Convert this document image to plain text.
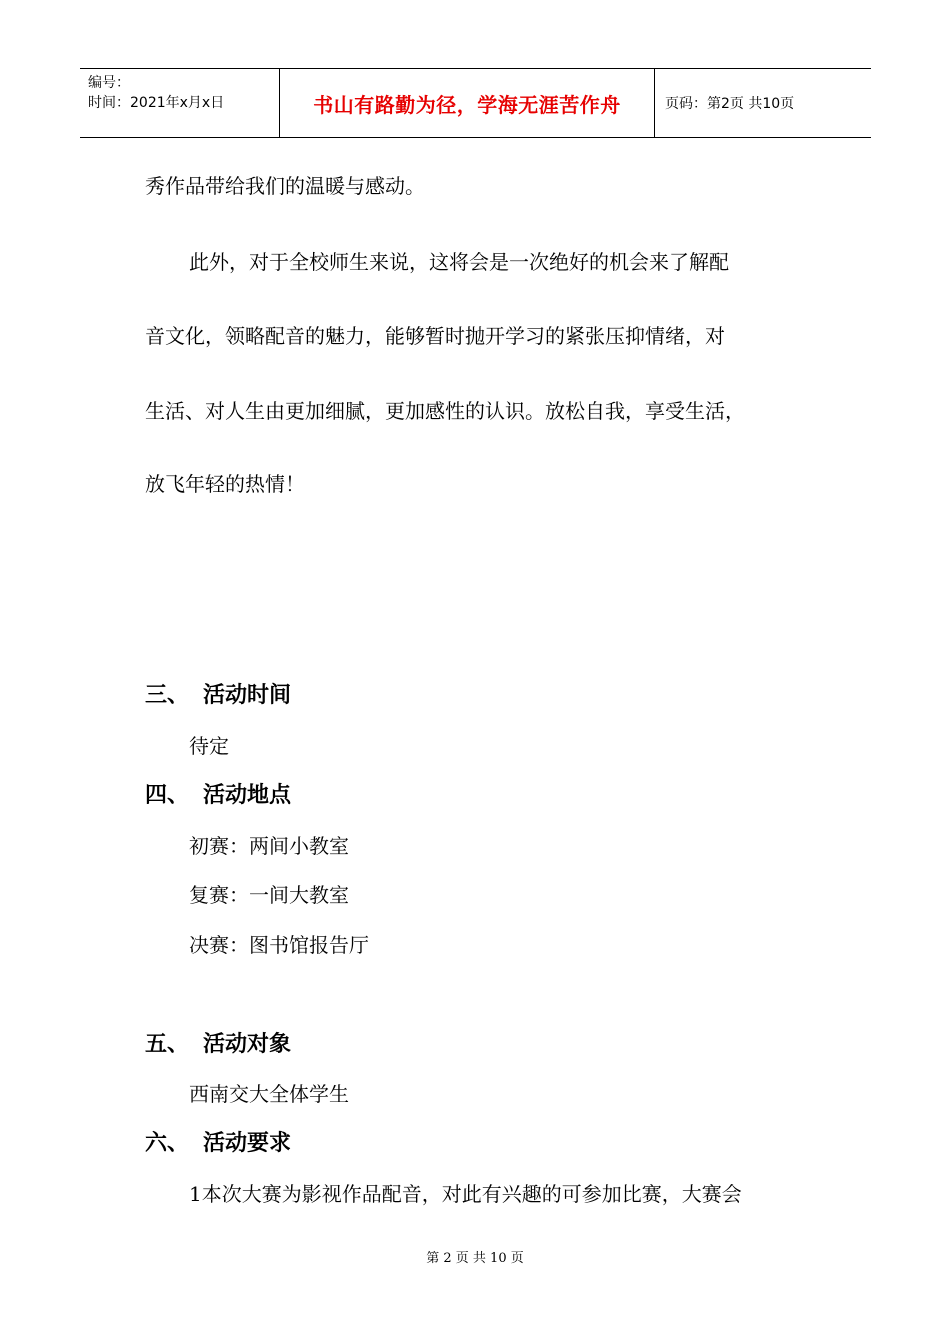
编号：
时间：2021年x月x日	书山有路勤为径，学海无涯苦作舟	页码：第2页 共10页
秀作品带给我们的温暖与感动。
此外，对于全校师生来说，这将会是一次绝好的机会来了解配
音文化，领略配音的魅力，能够暂时抛开学习的紧张压抑情绪，对
生活、对人生由更加细腻，更加感性的认识。放松自我，享受生活，
放飞年轻的热情！
三、 活动时间
待定
四、 活动地点
初赛：两间小教室
复赛：一间大教室
决赛：图书馆报告厅
五、 活动对象
西南交大全体学生
六、 活动要求
1本次大赛为影视作品配音，对此有兴趣的可参加比赛，大赛会
第 2 页 共 10 页
